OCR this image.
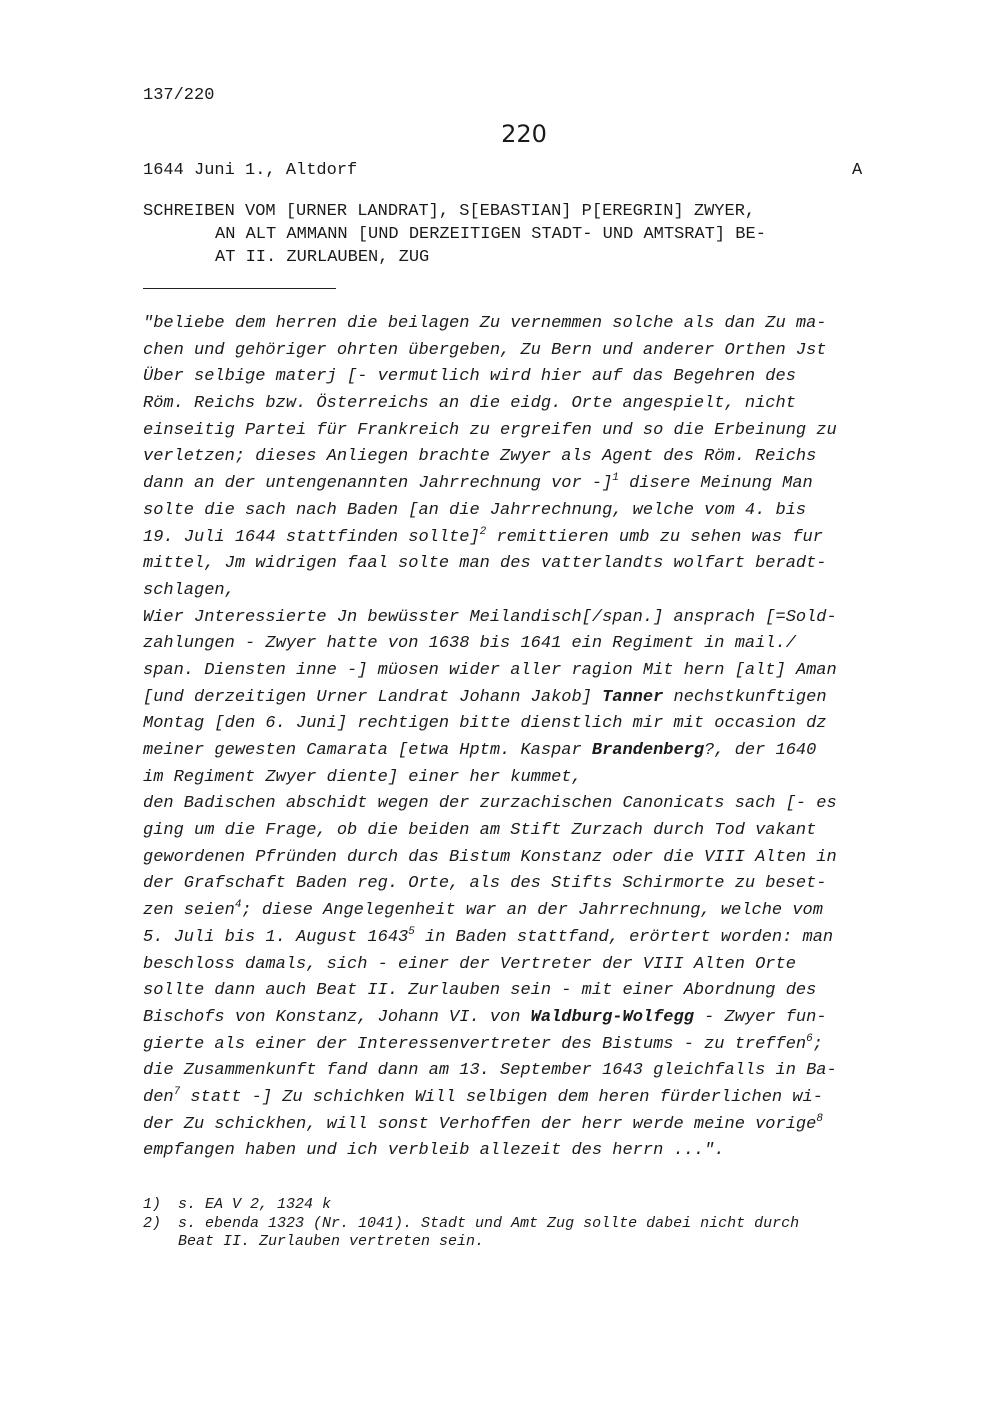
137/220
220
1644 Juni 1., Altdorf	A
SCHREIBEN VOM [URNER LANDRAT], S[EBASTIAN] P[EREGRIN] ZWYER,
AN ALT AMMANN [UND DERZEITIGEN STADT- UND AMTSRAT] BE-
AT II. ZURLAUBEN, ZUG
"beliebe dem herren die beilagen Zu vernemmen solche als dan Zu ma-
chen und gehöriger ohrten übergeben, Zu Bern und anderer Orthen Jst
Über selbige materj [- vermutlich wird hier auf das Begehren des
Röm. Reichs bzw. Österreichs an die eidg. Orte angespielt, nicht
einseitig Partei für Frankreich zu ergreifen und so die Erbeinung zu
verletzen; dieses Anliegen brachte Zwyer als Agent des Röm. Reichs
dann an der untengenannten Jahrrechnung vor -]$^1$ disere Meinung Man
solte die sach nach Baden [an die Jahrrechnung, welche vom 4. bis
19. Juli 1644 stattfinden sollte]$^2$ remittieren umb zu sehen was fur
mittel, Jm widrigen faal solte man des vatterlandts wolfart beradt-
schlagen,
Wier Jnteressierte Jn bewüsster Meilandisch[/span.] ansprach [=Sold-
zahlungen - Zwyer hatte von 1638 bis 1641 ein Regiment in mail./
span. Diensten inne -] müosen wider aller ragion Mit hern [alt] Aman
[und derzeitigen Urner Landrat Johann Jakob] Tanner nechstkunftigen
Montag [den 6. Juni] rechtigen bitte dienstlich mir mit occasion dz
meiner gewesten Camarata [etwa Hptm. Kaspar Brandenberg?, der 1640
im Regiment Zwyer diente] einer her kummet,
den Badischen abschidt wegen der zurzachischen Canonicats sach [- es
ging um die Frage, ob die beiden am Stift Zurzach durch Tod vakant
gewordenen Pfründen durch das Bistum Konstanz oder die VIII Alten in
der Grafschaft Baden reg. Orte, als des Stifts Schirmorte zu beset-
zen seien$^4$; diese Angelegenheit war an der Jahrrechnung, welche vom
5. Juli bis 1. August 1643$^5$ in Baden stattfand, erörtert worden: man
beschloss damals, sich - einer der Vertreter der VIII Alten Orte
sollte dann auch Beat II. Zurlauben sein - mit einer Abordnung des
Bischofs von Konstanz, Johann VI. von Waldburg-Wolfegg - Zwyer fun-
gierte als einer der Interessenvertreter des Bistums - zu treffen$^6$;
die Zusammenkunft fand dann am 13. September 1643 gleichfalls in Ba-
den$^7$ statt -] Zu schichken Will selbigen dem heren fürderlichen wi-
der Zu schickhen, will sonst Verhoffen der herr werde meine vorige$^8$
empfangen haben und ich verbleib allezeit des herrn ...".
1) s. EA V 2, 1324 k
2) s. ebenda 1323 (Nr. 1041). Stadt und Amt Zug sollte dabei nicht durch
Beat II. Zurlauben vertreten sein.
